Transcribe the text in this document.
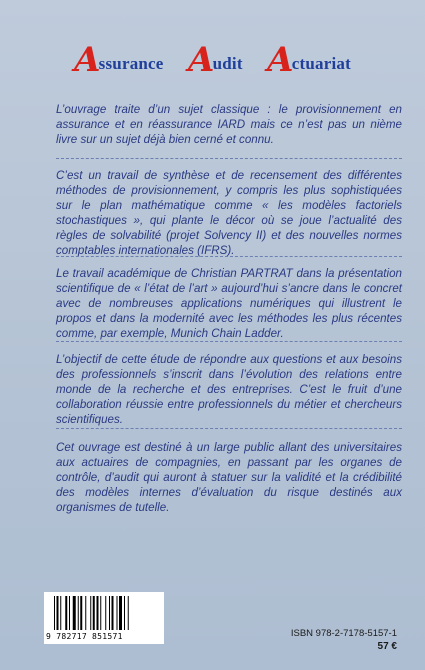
Assurance Audit Actuariat

L’ouvrage traite d’un sujet classique : le provisionnement en assurance et en réassurance IARD mais ce n’est pas un nième livre sur un sujet déjà bien cerné et connu.

C’est un travail de synthèse et de recensement des différentes méthodes de provisionnement, y compris les plus sophistiquées sur le plan mathématique comme « les modèles factoriels stochastiques », qui plante le décor où se joue l’actualité des règles de solvabilité (projet Solvency II) et des nouvelles normes comptables internationales (IFRS).

Le travail académique de Christian PARTRAT dans la présentation scientifique de « l’état de l’art » aujourd’hui s’ancre dans le concret avec de nombreuses applications numériques qui illustrent le propos et dans la modernité avec les méthodes les plus récentes comme, par exemple, Munich Chain Ladder.

L’objectif de cette étude de répondre aux questions et aux besoins des professionnels s’inscrit dans l’évolution des relations entre monde de la recherche et des entreprises. C’est le fruit d’une collaboration réussie entre professionnels du métier et chercheurs scientifiques.

Cet ouvrage est destiné à un large public allant des universitaires aux actuaires de compagnies, en passant par les organes de contrôle, d’audit qui auront à statuer sur la validité et la crédibilité des modèles internes d’évaluation du risque destinés aux organismes de tutelle.

9 782717 851571	ISBN 978-2-7178-5157-1
57 €
